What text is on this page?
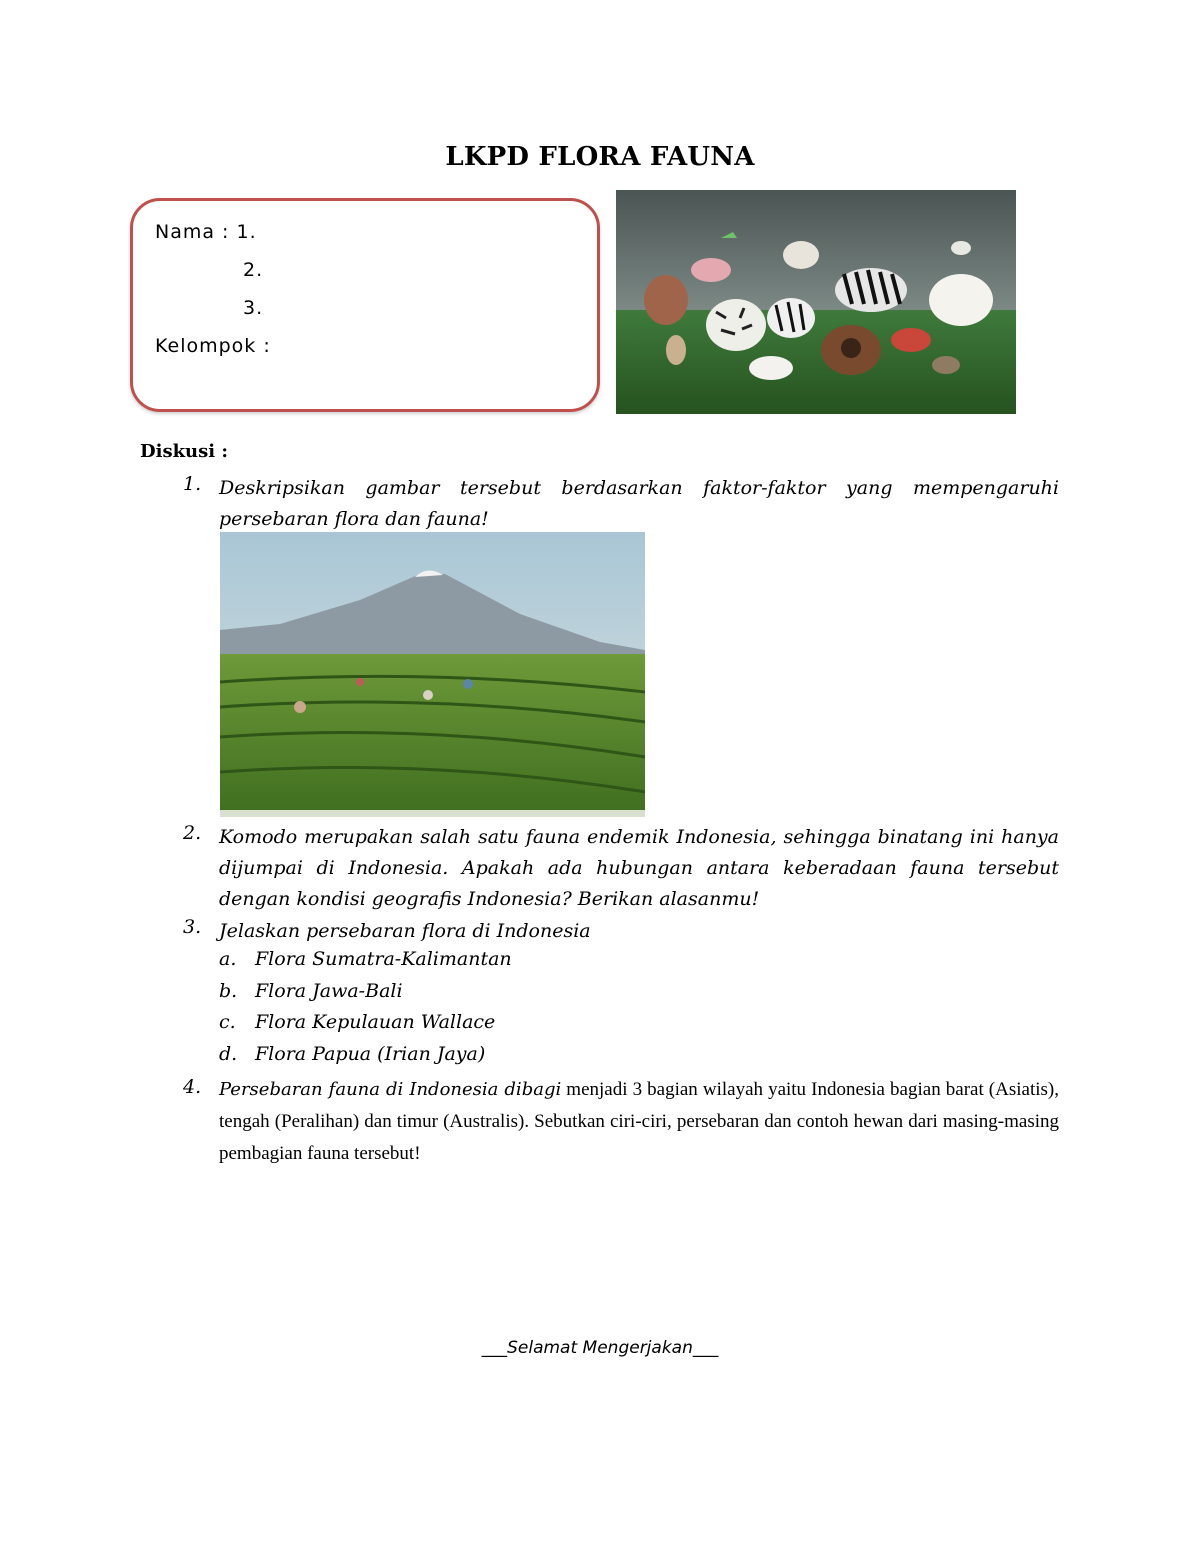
LKPD FLORA FAUNA
Nama : 1.
2.
3.
Kelompok :
Diskusi :
1. Deskripsikan gambar tersebut berdasarkan faktor-faktor yang mempengaruhi persebaran flora dan fauna!
2. Komodo merupakan salah satu fauna endemik Indonesia, sehingga binatang ini hanya dijumpai di Indonesia. Apakah ada hubungan antara keberadaan fauna tersebut dengan kondisi geografis Indonesia? Berikan alasanmu!
3. Jelaskan persebaran flora di Indonesia
a. Flora Sumatra-Kalimantan
b. Flora Jawa-Bali
c. Flora Kepulauan Wallace
d. Flora Papua (Irian Jaya)
4. Persebaran fauna di Indonesia dibagi menjadi 3 bagian wilayah yaitu Indonesia bagian barat (Asiatis), tengah (Peralihan) dan timur (Australis). Sebutkan ciri-ciri, persebaran dan contoh hewan dari masing-masing pembagian fauna tersebut!
___Selamat Mengerjakan___
